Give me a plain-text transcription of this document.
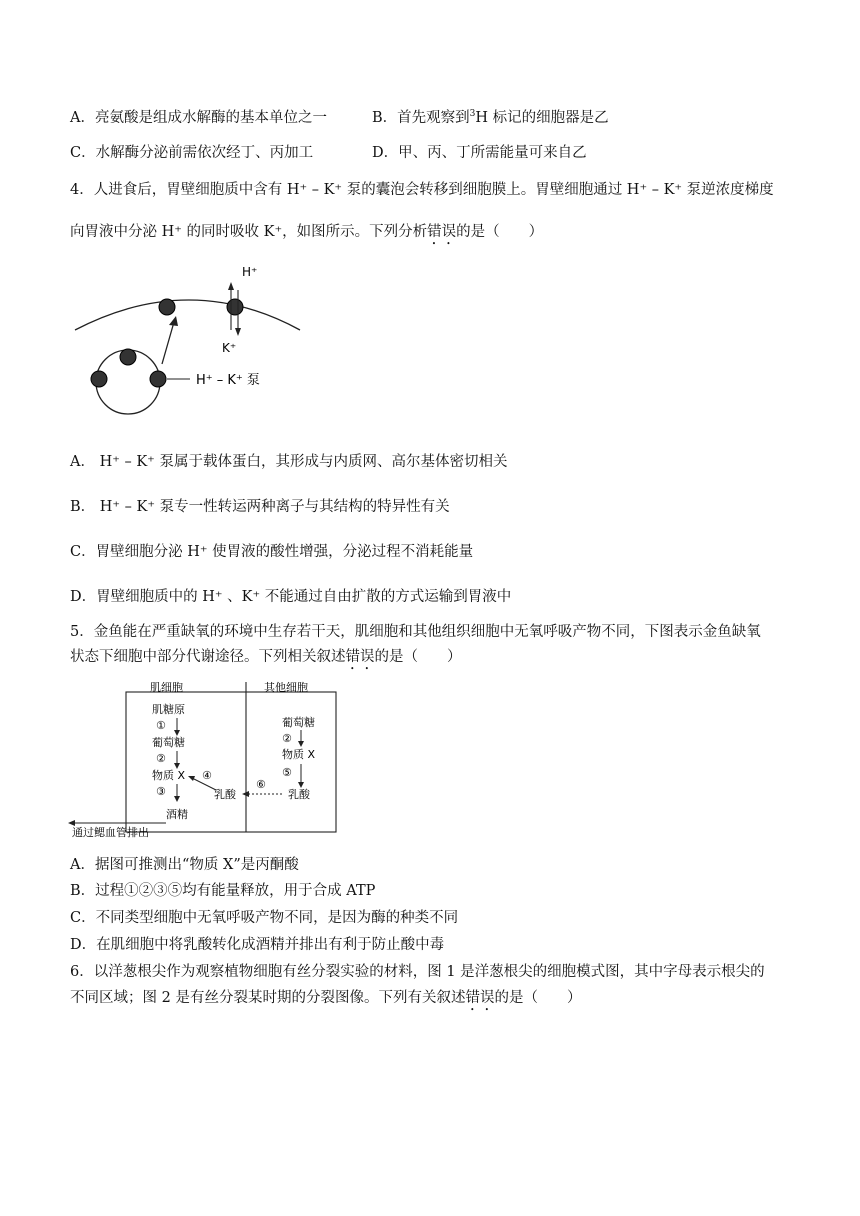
A．亮氨酸是组成水解酶的基本单位之一	B．首先观察到$^3$H 标记的细胞器是乙
C．水解酶分泌前需依次经丁、丙加工	D．甲、丙、丁所需能量可来自乙
4．人进食后，胃壁细胞质中含有 H⁺ – K⁺ 泵的囊泡会转移到细胞膜上。胃壁细胞通过 H⁺ – K⁺ 泵逆浓度梯度
向胃液中分泌 H⁺ 的同时吸收 K⁺，如图所示。下列分析错误的是（　　）
H⁺
K⁺
H⁺ – K⁺ 泵
A． H⁺ – K⁺ 泵属于载体蛋白，其形成与内质网、高尔基体密切相关
B． H⁺ – K⁺ 泵专一性转运两种离子与其结构的特异性有关
C．胃壁细胞分泌 H⁺ 使胃液的酸性增强，分泌过程不消耗能量
D．胃壁细胞质中的 H⁺ 、K⁺ 不能通过自由扩散的方式运输到胃液中
5．金鱼能在严重缺氧的环境中生存若干天，肌细胞和其他组织细胞中无氧呼吸产物不同，下图表示金鱼缺氧
状态下细胞中部分代谢途径。下列相关叙述错误的是（　　）
肌细胞	其他细胞
肌糖原
①
葡萄糖
②
物质 X
③
酒精
④
乳酸
葡萄糖
②
物质 X
⑤
乳酸
⑥
通过鳃血管排出
A．据图可推测出“物质 X”是丙酮酸
B．过程①②③⑤均有能量释放，用于合成 ATP
C．不同类型细胞中无氧呼吸产物不同，是因为酶的种类不同
D．在肌细胞中将乳酸转化成酒精并排出有利于防止酸中毒
6．以洋葱根尖作为观察植物细胞有丝分裂实验的材料，图 1 是洋葱根尖的细胞模式图，其中字母表示根尖的
不同区域；图 2 是有丝分裂某时期的分裂图像。下列有关叙述错误的是（　　）
